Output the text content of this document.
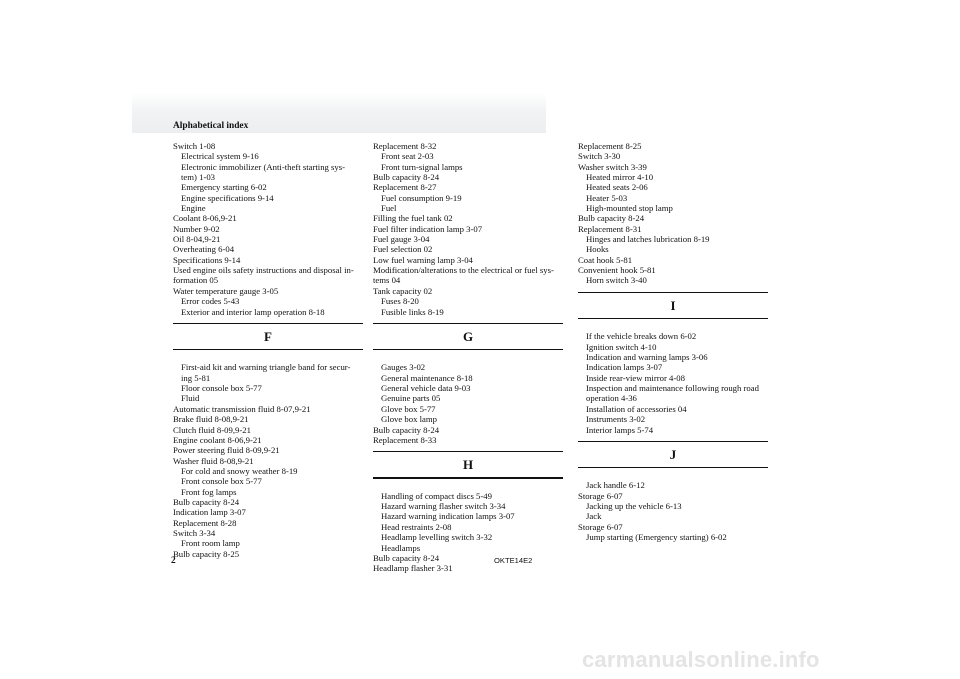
Alphabetical index
Switch 1-08
Electrical system 9-16
Electronic immobilizer (Anti-theft starting sys-
tem) 1-03
Emergency starting 6-02
Engine specifications 9-14
Engine
Coolant 8-06,9-21
Number 9-02
Oil 8-04,9-21
Overheating 6-04
Specifications 9-14
Used engine oils safety instructions and disposal in-
formation 05
Water temperature gauge 3-05
Error codes 5-43
Exterior and interior lamp operation 8-18
F
First-aid kit and warning triangle band for secur-
ing 5-81
Floor console box 5-77
Fluid
Automatic transmission fluid 8-07,9-21
Brake fluid 8-08,9-21
Clutch fluid 8-09,9-21
Engine coolant 8-06,9-21
Power steering fluid 8-09,9-21
Washer fluid 8-08,9-21
For cold and snowy weather 8-19
Front console box 5-77
Front fog lamps
Bulb capacity 8-24
Indication lamp 3-07
Replacement 8-28
Switch 3-34
Front room lamp
Bulb capacity 8-25
Replacement 8-32
Front seat 2-03
Front turn-signal lamps
Bulb capacity 8-24
Replacement 8-27
Fuel consumption 9-19
Fuel
Filling the fuel tank 02
Fuel filter indication lamp 3-07
Fuel gauge 3-04
Fuel selection 02
Low fuel warning lamp 3-04
Modification/alterations to the electrical or fuel sys-
tems 04
Tank capacity 02
Fuses 8-20
Fusible links 8-19
G
Gauges 3-02
General maintenance 8-18
General vehicle data 9-03
Genuine parts 05
Glove box 5-77
Glove box lamp
Bulb capacity 8-24
Replacement 8-33
H
Handling of compact discs 5-49
Hazard warning flasher switch 3-34
Hazard warning indication lamps 3-07
Head restraints 2-08
Headlamp levelling switch 3-32
Headlamps
Bulb capacity 8-24
Headlamp flasher 3-31
Replacement 8-25
Switch 3-30
Washer switch 3-39
Heated mirror 4-10
Heated seats 2-06
Heater 5-03
High-mounted stop lamp
Bulb capacity 8-24
Replacement 8-31
Hinges and latches lubrication 8-19
Hooks
Coat hook 5-81
Convenient hook 5-81
Horn switch 3-40
I
If the vehicle breaks down 6-02
Ignition switch 4-10
Indication and warning lamps 3-06
Indication lamps 3-07
Inside rear-view mirror 4-08
Inspection and maintenance following rough road
operation 4-36
Installation of accessories 04
Instruments 3-02
Interior lamps 5-74
J
Jack handle 6-12
Storage 6-07
Jacking up the vehicle 6-13
Jack
Storage 6-07
Jump starting (Emergency starting) 6-02
2	OKTE14E2
carmanualsonline.info
